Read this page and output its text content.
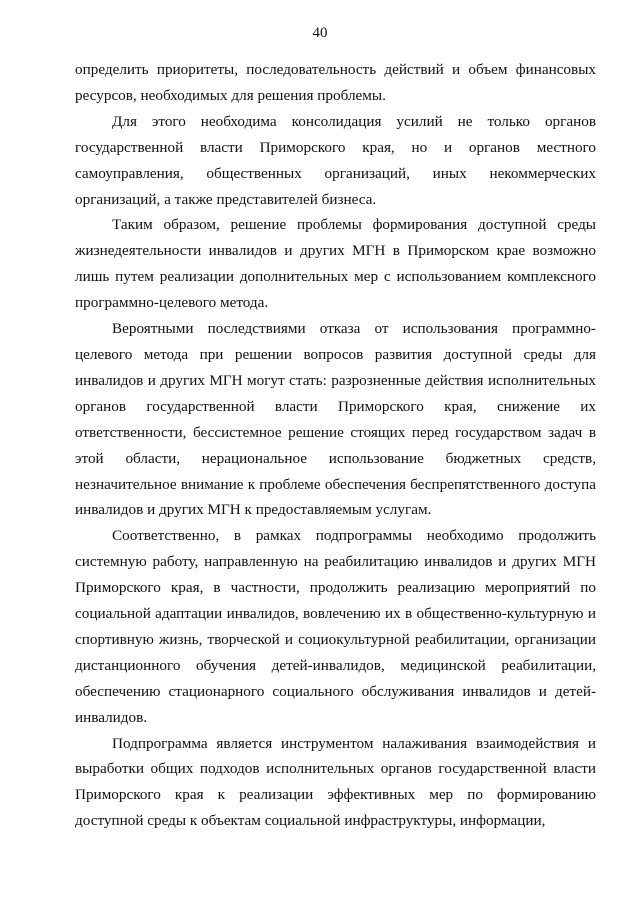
40

определить приоритеты, последовательность действий и объем финансовых ресурсов, необходимых для решения проблемы.

Для этого необходима консолидация усилий не только органов государственной власти Приморского края, но и органов местного самоуправления, общественных организаций, иных некоммерческих организаций, а также представителей бизнеса.

Таким образом, решение проблемы формирования доступной среды жизнедеятельности инвалидов и других МГН в Приморском крае возможно лишь путем реализации дополнительных мер с использованием комплексного программно-целевого метода.

Вероятными последствиями отказа от использования программно-целевого метода при решении вопросов развития доступной среды для инвалидов и других МГН могут стать: разрозненные действия исполнительных органов государственной власти Приморского края, снижение их ответственности, бессистемное решение стоящих перед государством задач в этой области, нерациональное использование бюджетных средств, незначительное внимание к проблеме обеспечения беспрепятственного доступа инвалидов и других МГН к предоставляемым услугам.

Соответственно, в рамках подпрограммы необходимо продолжить системную работу, направленную на реабилитацию инвалидов и других МГН Приморского края, в частности, продолжить реализацию мероприятий по социальной адаптации инвалидов, вовлечению их в общественно-культурную и спортивную жизнь, творческой и социокультурной реабилитации, организации дистанционного обучения детей-инвалидов, медицинской реабилитации, обеспечению стационарного социального обслуживания инвалидов и детей-инвалидов.

Подпрограмма является инструментом налаживания взаимодействия и выработки общих подходов исполнительных органов государственной власти Приморского края к реализации эффективных мер по формированию доступной среды к объектам социальной инфраструктуры, информации,
